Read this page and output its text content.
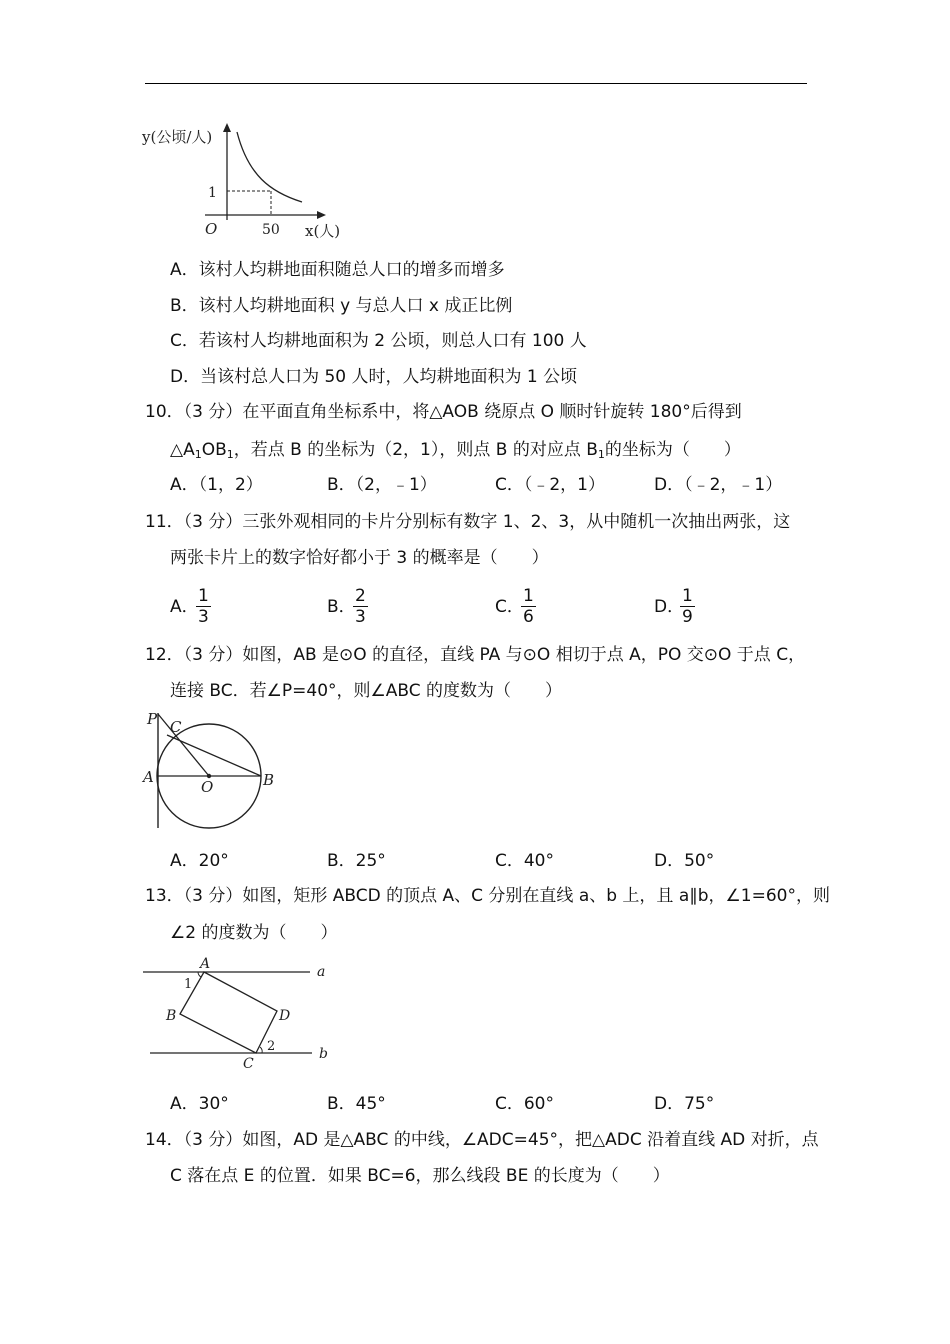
y(公顷/人)
x(人)
O
1
50
A．该村人均耕地面积随总人口的增多而增多
B．该村人均耕地面积 y 与总人口 x 成正比例
C．若该村人均耕地面积为 2 公顷，则总人口有 100 人
D．当该村总人口为 50 人时，人均耕地面积为 1 公顷
10．（3 分）在平面直角坐标系中，将△AOB 绕原点 O 顺时针旋转 180°后得到
$\triangle A_1OB_1$，若点 B 的坐标为（2，1），则点 B 的对应点 $B_1$的坐标为（　　）
A．（1，2）	B．（2，﹣1）	C．（﹣2，1）	D．（﹣2，﹣1）
11．（3 分）三张外观相同的卡片分别标有数字 1、2、3，从中随机一次抽出两张，这
两张卡片上的数字恰好都小于 3 的概率是（　　）
A．
$\frac{1}{3}$	B．
$\frac{2}{3}$	C．
$\frac{1}{6}$	D．
$\frac{1}{9}$
12．（3 分）如图，AB 是⊙O 的直径，直线 PA 与⊙O 相切于点 A，PO 交⊙O 于点 C，
连接 BC．若∠P=40°，则∠ABC 的度数为（　　）
P C
A
O	B
A．20°	B．25°	C．40°	D．50°
13．（3 分）如图，矩形 ABCD 的顶点 A、C 分别在直线 a、b 上，且 a∥b，∠1=60°，则
∠2 的度数为（　　）
A
1
B	D
2
C
a
b
A．30°	B．45°	C．60°	D．75°
14．（3 分）如图，AD 是△ABC 的中线，∠ADC=45°，把△ADC 沿着直线 AD 对折，点
C 落在点 E 的位置．如果 BC=6，那么线段 BE 的长度为（　　）
